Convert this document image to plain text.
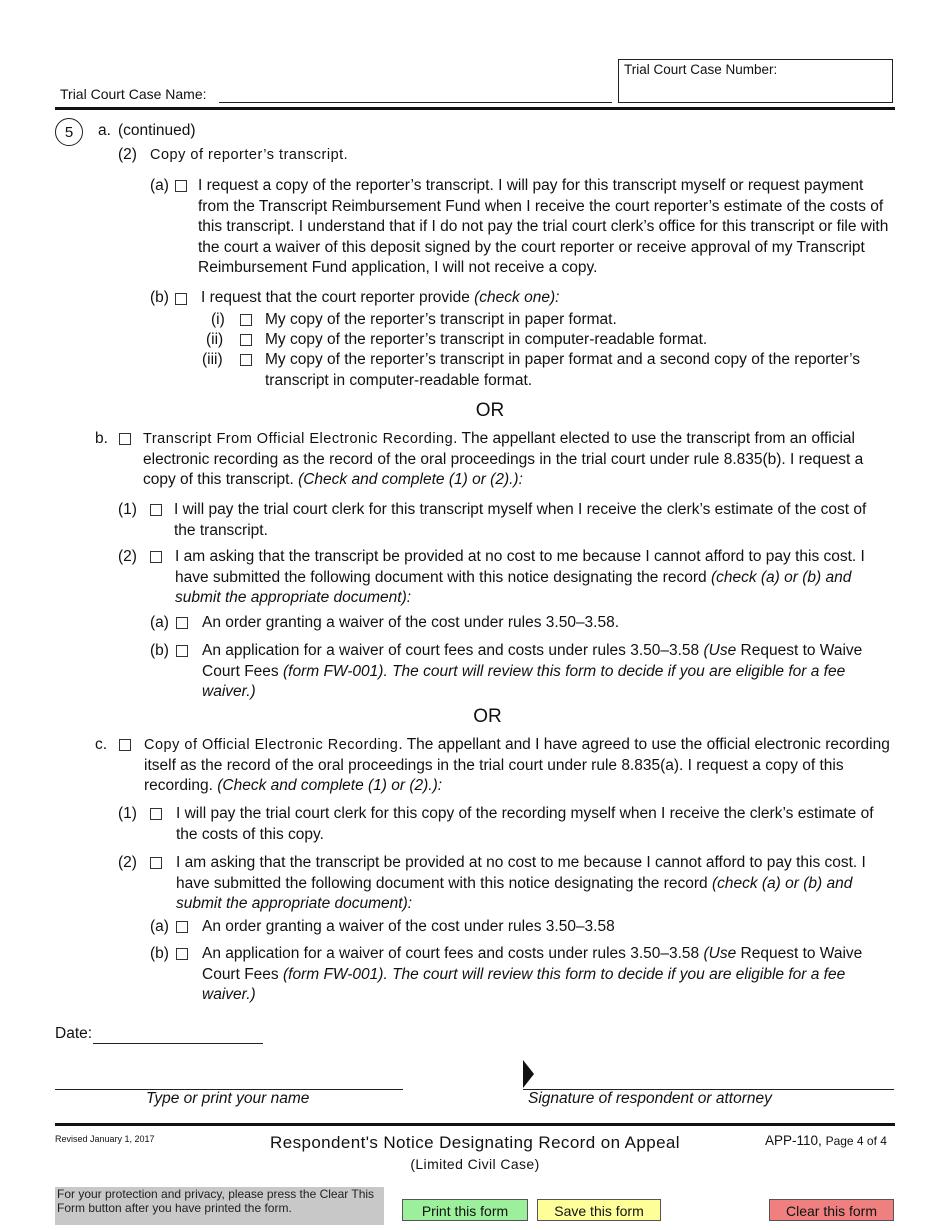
Trial Court Case Name:
Trial Court Case Number:
5	a. (continued)
(2) Copy of reporter’s transcript.
(a) I request a copy of the reporter’s transcript. I will pay for this transcript myself or request payment from the Transcript Reimbursement Fund when I receive the court reporter’s estimate of the costs of this transcript. I understand that if I do not pay the trial court clerk’s office for this transcript or file with the court a waiver of this deposit signed by the court reporter or receive approval of my Transcript Reimbursement Fund application, I will not receive a copy.
(b) I request that the court reporter provide (check one):
(i)	My copy of the reporter’s transcript in paper format.
(ii)	My copy of the reporter’s transcript in computer-readable format.
(iii)	My copy of the reporter’s transcript in paper format and a second copy of the reporter’s transcript in computer-readable format.
OR
b. Transcript From Official Electronic Recording. The appellant elected to use the transcript from an official electronic recording as the record of the oral proceedings in the trial court under rule 8.835(b). I request a copy of this transcript. (Check and complete (1) or (2).):
(1) I will pay the trial court clerk for this transcript myself when I receive the clerk’s estimate of the cost of the transcript.
(2) I am asking that the transcript be provided at no cost to me because I cannot afford to pay this cost. I have submitted the following document with this notice designating the record (check (a) or (b) and submit the appropriate document):
(a) An order granting a waiver of the cost under rules 3.50–3.58.
(b) An application for a waiver of court fees and costs under rules 3.50–3.58 (Use Request to Waive Court Fees (form FW-001). The court will review this form to decide if you are eligible for a fee waiver.)
OR
c.	Copy of Official Electronic Recording. The appellant and I have agreed to use the official electronic recording itself as the record of the oral proceedings in the trial court under rule 8.835(a). I request a copy of this recording. (Check and complete (1) or (2).):
(1)	I will pay the trial court clerk for this copy of the recording myself when I receive the clerk’s estimate of the costs of this copy.
(2)	I am asking that the transcript be provided at no cost to me because I cannot afford to pay this cost. I have submitted the following document with this notice designating the record (check (a) or (b) and submit the appropriate document):
(a) An order granting a waiver of the cost under rules 3.50–3.58
(b) An application for a waiver of court fees and costs under rules 3.50–3.58 (Use Request to Waive Court Fees (form FW-001). The court will review this form to decide if you are eligible for a fee waiver.)
Date:
Type or print your name	Signature of respondent or attorney
Revised January 1, 2017	Respondent's Notice Designating Record on Appeal
(Limited Civil Case)
APP-110, Page 4 of 4
For your protection and privacy, please press the Clear This Form button after you have printed the form.	Print this form	Save this form	Clear this form
